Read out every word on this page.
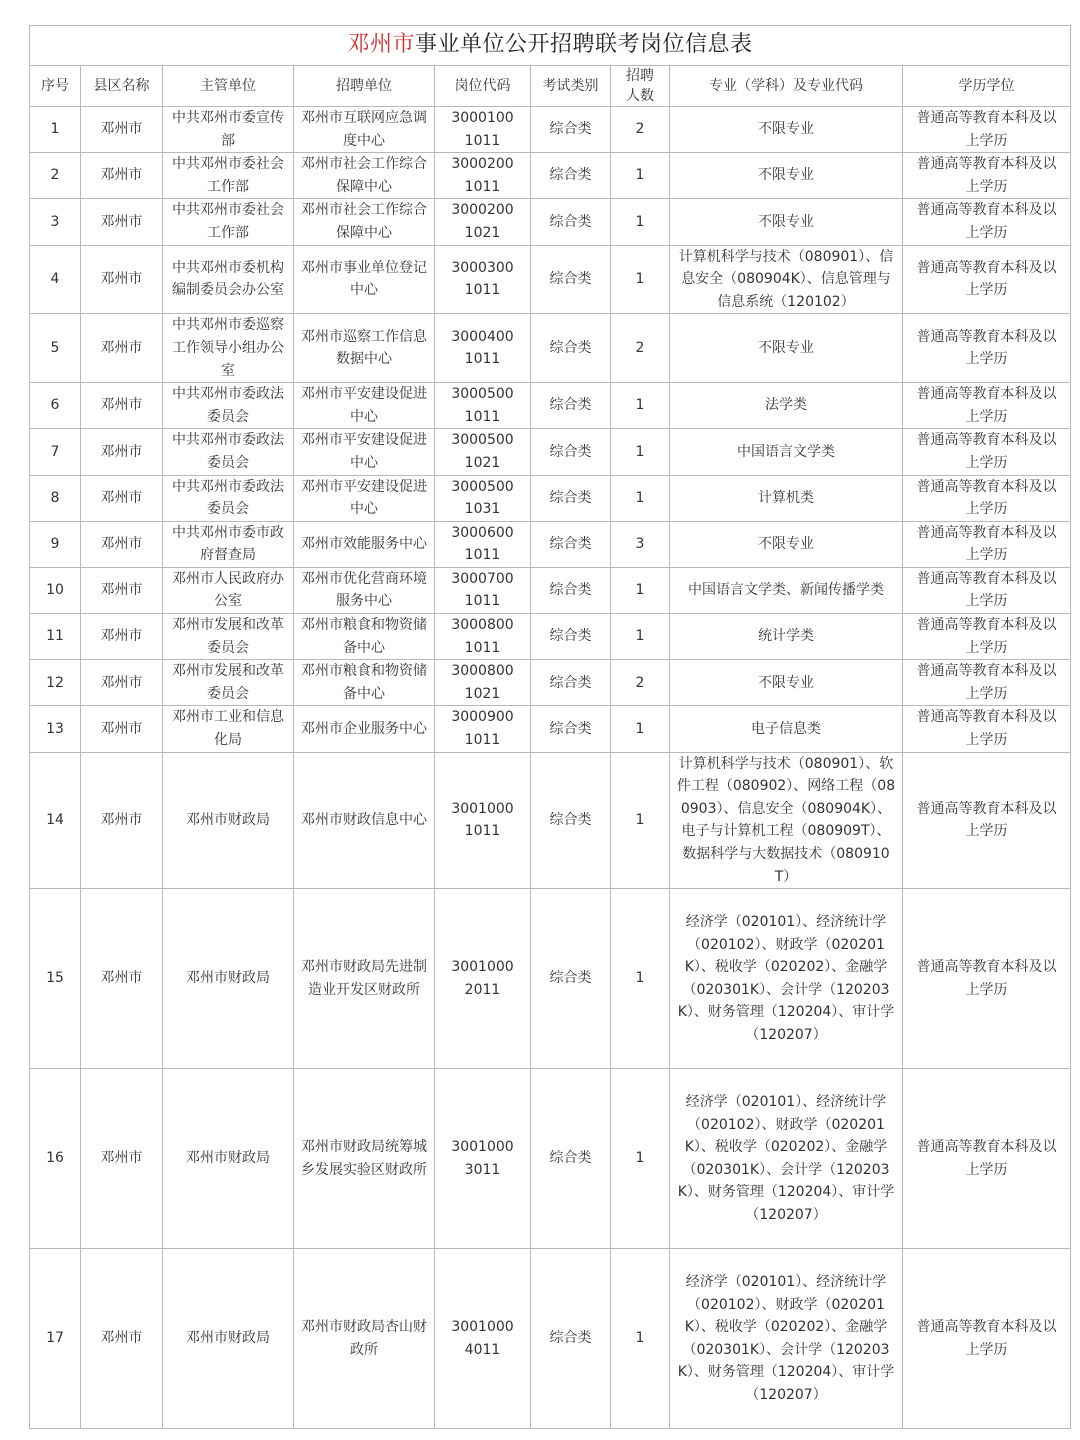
邓州市事业单位公开招聘联考岗位信息表								
序号	县区名称	主管单位	招聘单位	岗位代码	考试类别	招聘人数	专业（学科）及专业代码	学历学位
1	邓州市	中共邓州市委宣传部	邓州市互联网应急调度中心	30001001011	综合类	2	不限专业	普通高等教育本科及以上学历
2	邓州市	中共邓州市委社会工作部	邓州市社会工作综合保障中心	30002001011	综合类	1	不限专业	普通高等教育本科及以上学历
3	邓州市	中共邓州市委社会工作部	邓州市社会工作综合保障中心	30002001021	综合类	1	不限专业	普通高等教育本科及以上学历
4	邓州市	中共邓州市委机构编制委员会办公室	邓州市事业单位登记中心	30003001011	综合类	1	计算机科学与技术（080901）、信息安全（080904K）、信息管理与信息系统（120102）	普通高等教育本科及以上学历
5	邓州市	中共邓州市委巡察工作领导小组办公室	邓州市巡察工作信息数据中心	30004001011	综合类	2	不限专业	普通高等教育本科及以上学历
6	邓州市	中共邓州市委政法委员会	邓州市平安建设促进中心	30005001011	综合类	1	法学类	普通高等教育本科及以上学历
7	邓州市	中共邓州市委政法委员会	邓州市平安建设促进中心	30005001021	综合类	1	中国语言文学类	普通高等教育本科及以上学历
8	邓州市	中共邓州市委政法委员会	邓州市平安建设促进中心	30005001031	综合类	1	计算机类	普通高等教育本科及以上学历
9	邓州市	中共邓州市委市政府督查局	邓州市效能服务中心	30006001011	综合类	3	不限专业	普通高等教育本科及以上学历
10	邓州市	邓州市人民政府办公室	邓州市优化营商环境服务中心	30007001011	综合类	1	中国语言文学类、新闻传播学类	普通高等教育本科及以上学历
11	邓州市	邓州市发展和改革委员会	邓州市粮食和物资储备中心	30008001011	综合类	1	统计学类	普通高等教育本科及以上学历
12	邓州市	邓州市发展和改革委员会	邓州市粮食和物资储备中心	30008001021	综合类	2	不限专业	普通高等教育本科及以上学历
13	邓州市	邓州市工业和信息化局	邓州市企业服务中心	30009001011	综合类	1	电子信息类	普通高等教育本科及以上学历
14	邓州市	邓州市财政局	邓州市财政信息中心	30010001011	综合类	1	计算机科学与技术（080901）、软件工程（080902）、网络工程（080903）、信息安全（080904K）、电子与计算机工程（080909T）、数据科学与大数据技术（080910T）	普通高等教育本科及以上学历
15	邓州市	邓州市财政局	邓州市财政局先进制造业开发区财政所	30010002011	综合类	1	经济学（020101）、经济统计学（020102）、财政学（020201K）、税收学（020202）、金融学（020301K）、会计学（120203K）、财务管理（120204）、审计学（120207）	普通高等教育本科及以上学历
16	邓州市	邓州市财政局	邓州市财政局统筹城乡发展实验区财政所	30010003011	综合类	1	经济学（020101）、经济统计学（020102）、财政学（020201K）、税收学（020202）、金融学（020301K）、会计学（120203K）、财务管理（120204）、审计学（120207）	普通高等教育本科及以上学历
17	邓州市	邓州市财政局	邓州市财政局杏山财政所	30010004011	综合类	1	经济学（020101）、经济统计学（020102）、财政学（020201K）、税收学（020202）、金融学（020301K）、会计学（120203K）、财务管理（120204）、审计学（120207）	普通高等教育本科及以上学历
